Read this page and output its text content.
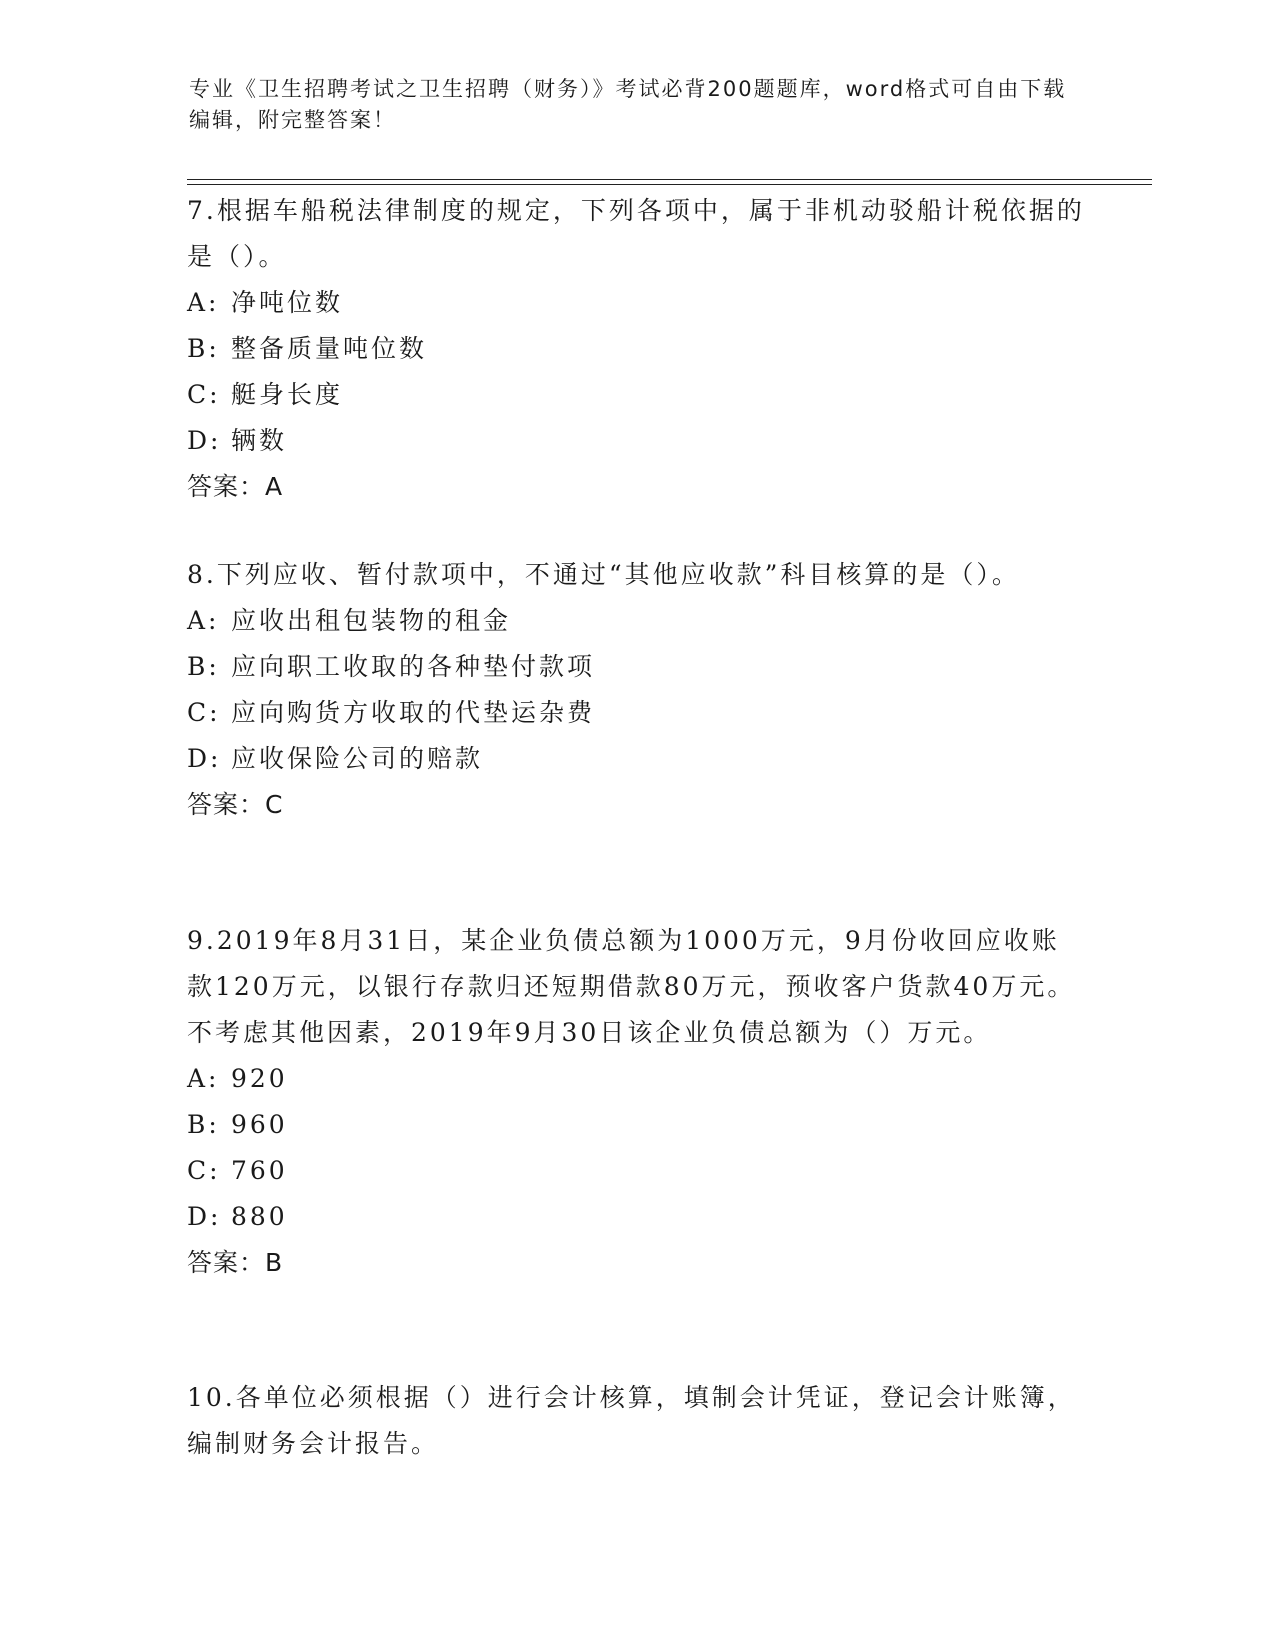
专业《卫生招聘考试之卫生招聘（财务）》考试必背200题题库，word格式可自由下载编辑，附完整答案！

7.根据车船税法律制度的规定，下列各项中，属于非机动驳船计税依据的是（）。

A: 净吨位数

B: 整备质量吨位数

C: 艇身长度

D: 辆数

答案：A

8.下列应收、暂付款项中，不通过“其他应收款”科目核算的是（）。

A: 应收出租包装物的租金

B: 应向职工收取的各种垫付款项

C: 应向购货方收取的代垫运杂费

D: 应收保险公司的赔款

答案：C

9.2019年8月31日，某企业负债总额为1000万元，9月份收回应收账款120万元，以银行存款归还短期借款80万元，预收客户货款40万元。不考虑其他因素，2019年9月30日该企业负债总额为（）万元。

A: 920

B: 960

C: 760

D: 880

答案：B

10.各单位必须根据（）进行会计核算，填制会计凭证，登记会计账簿，编制财务会计报告。
